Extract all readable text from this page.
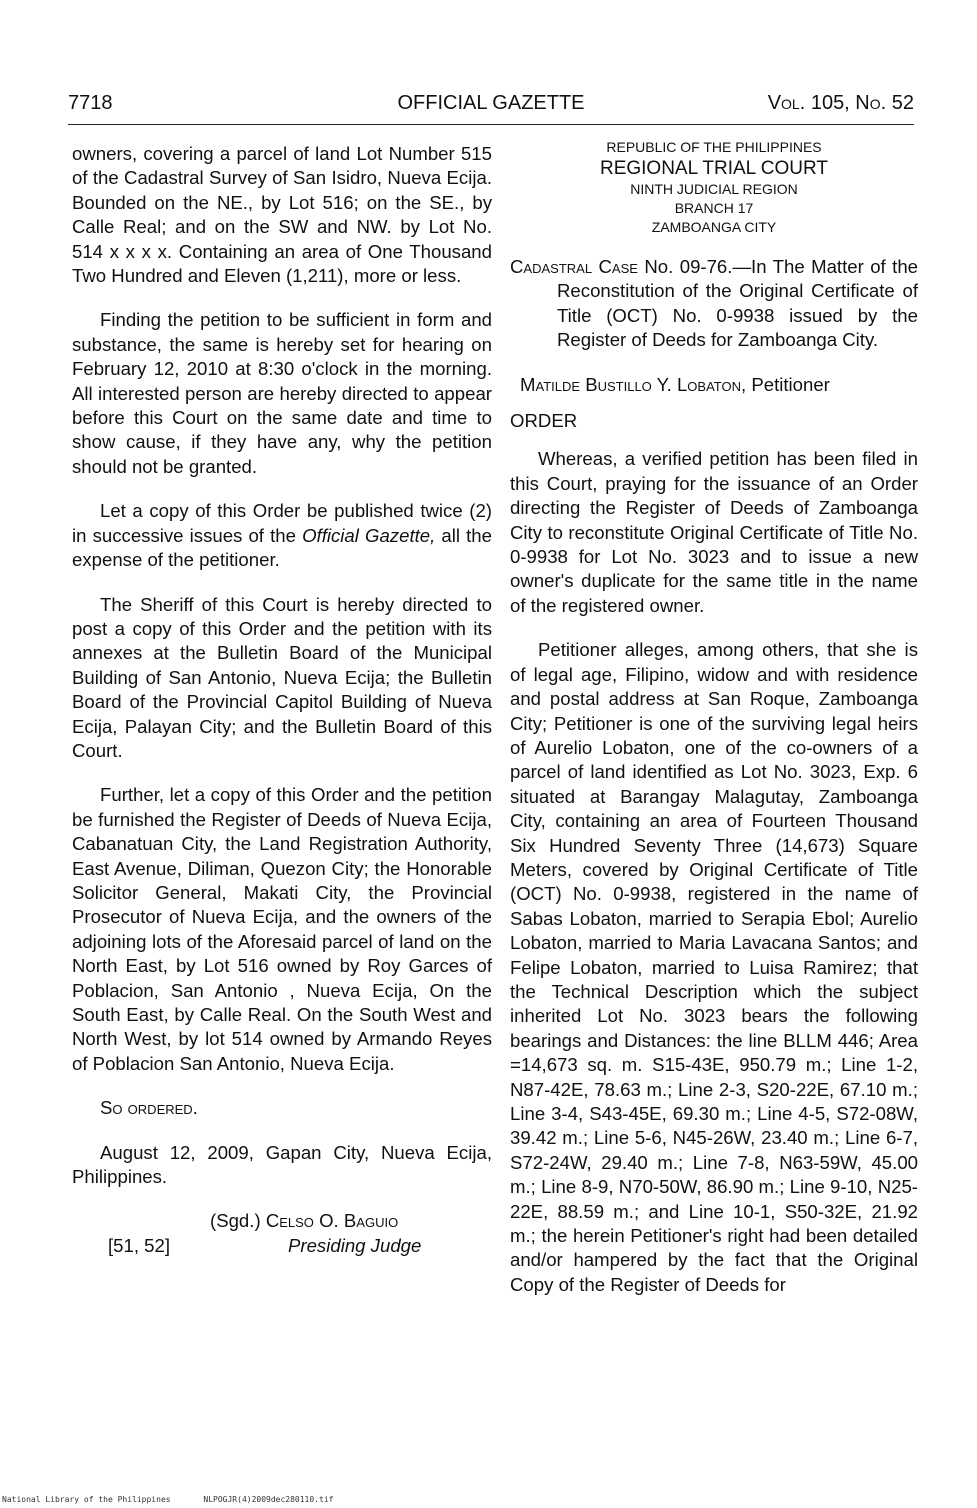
7718	OFFICIAL GAZETTE	Vol. 105, No. 52

owners, covering a parcel of land Lot Number 515 of the Cadastral Survey of San Isidro, Nueva Ecija. Bounded on the NE., by Lot 516; on the SE., by Calle Real; and on the SW and NW. by Lot No. 514 x x x x. Containing an area of One Thousand Two Hundred and Eleven (1,211), more or less.

Finding the petition to be sufficient in form and substance, the same is hereby set for hearing on February 12, 2010 at 8:30 o'clock in the morning. All interested person are hereby directed to appear before this Court on the same date and time to show cause, if they have any, why the petition should not be granted.

Let a copy of this Order be published twice (2) in successive issues of the Official Gazette, all the expense of the petitioner.

The Sheriff of this Court is hereby directed to post a copy of this Order and the petition with its annexes at the Bulletin Board of the Municipal Building of San Antonio, Nueva Ecija; the Bulletin Board of the Provincial Capitol Building of Nueva Ecija, Palayan City; and the Bulletin Board of this Court.

Further, let a copy of this Order and the petition be furnished the Register of Deeds of Nueva Ecija, Cabanatuan City, the Land Registration Authority, East Avenue, Diliman, Quezon City; the Honorable Solicitor General, Makati City, the Provincial Prosecutor of Nueva Ecija, and the owners of the adjoining lots of the Aforesaid parcel of land on the North East, by Lot 516 owned by Roy Garces of Poblacion, San Antonio , Nueva Ecija, On the South East, by Calle Real. On the South West and North West, by lot 514 owned by Armando Reyes of Poblacion San Antonio, Nueva Ecija.

So ordered.

August 12, 2009, Gapan City, Nueva Ecija, Philippines.

(Sgd.) Celso O. Baguio
[51, 52]	Presiding Judge
REPUBLIC OF THE PHILIPPINES
REGIONAL TRIAL COURT
NINTH JUDICIAL REGION
BRANCH 17
ZAMBOANGA CITY

Cadastral Case No. 09-76.—In The Matter of the Reconstitution of the Original Certificate of Title (OCT) No. 0-9938 issued by the Register of Deeds for Zamboanga City.

Matilde Bustillo Y. Lobaton, Petitioner

ORDER

Whereas, a verified petition has been filed in this Court, praying for the issuance of an Order directing the Register of Deeds of Zamboanga City to reconstitute Original Certificate of Title No. 0-9938 for Lot No. 3023 and to issue a new owner's duplicate for the same title in the name of the registered owner.

Petitioner alleges, among others, that she is of legal age, Filipino, widow and with residence and postal address at San Roque, Zamboanga City; Petitioner is one of the surviving legal heirs of Aurelio Lobaton, one of the co-owners of a parcel of land identified as Lot No. 3023, Exp. 6 situated at Barangay Malagutay, Zamboanga City, containing an area of Fourteen Thousand Six Hundred Seventy Three (14,673) Square Meters, covered by Original Certificate of Title (OCT) No. 0-9938, registered in the name of Sabas Lobaton, married to Serapia Ebol; Aurelio Lobaton, married to Maria Lavacana Santos; and Felipe Lobaton, married to Luisa Ramirez; that the Technical Description which the subject inherited Lot No. 3023 bears the following bearings and Distances: the line BLLM 446; Area =14,673 sq. m. S15-43E, 950.79 m.; Line 1-2, N87-42E, 78.63 m.; Line 2-3, S20-22E, 67.10 m.; Line 3-4, S43-45E, 69.30 m.; Line 4-5, S72-08W, 39.42 m.; Line 5-6, N45-26W, 23.40 m.; Line 6-7, S72-24W, 29.40 m.; Line 7-8, N63-59W, 45.00 m.; Line 8-9, N70-50W, 86.90 m.; Line 9-10, N25-22E, 88.59 m.; and Line 10-1, S50-32E, 21.92 m.; the herein Petitioner's right had been detailed and/or hampered by the fact that the Original Copy of the Register of Deeds for

National Library of the Philippines	NLPOGJR(4)2009dec280110.tif
